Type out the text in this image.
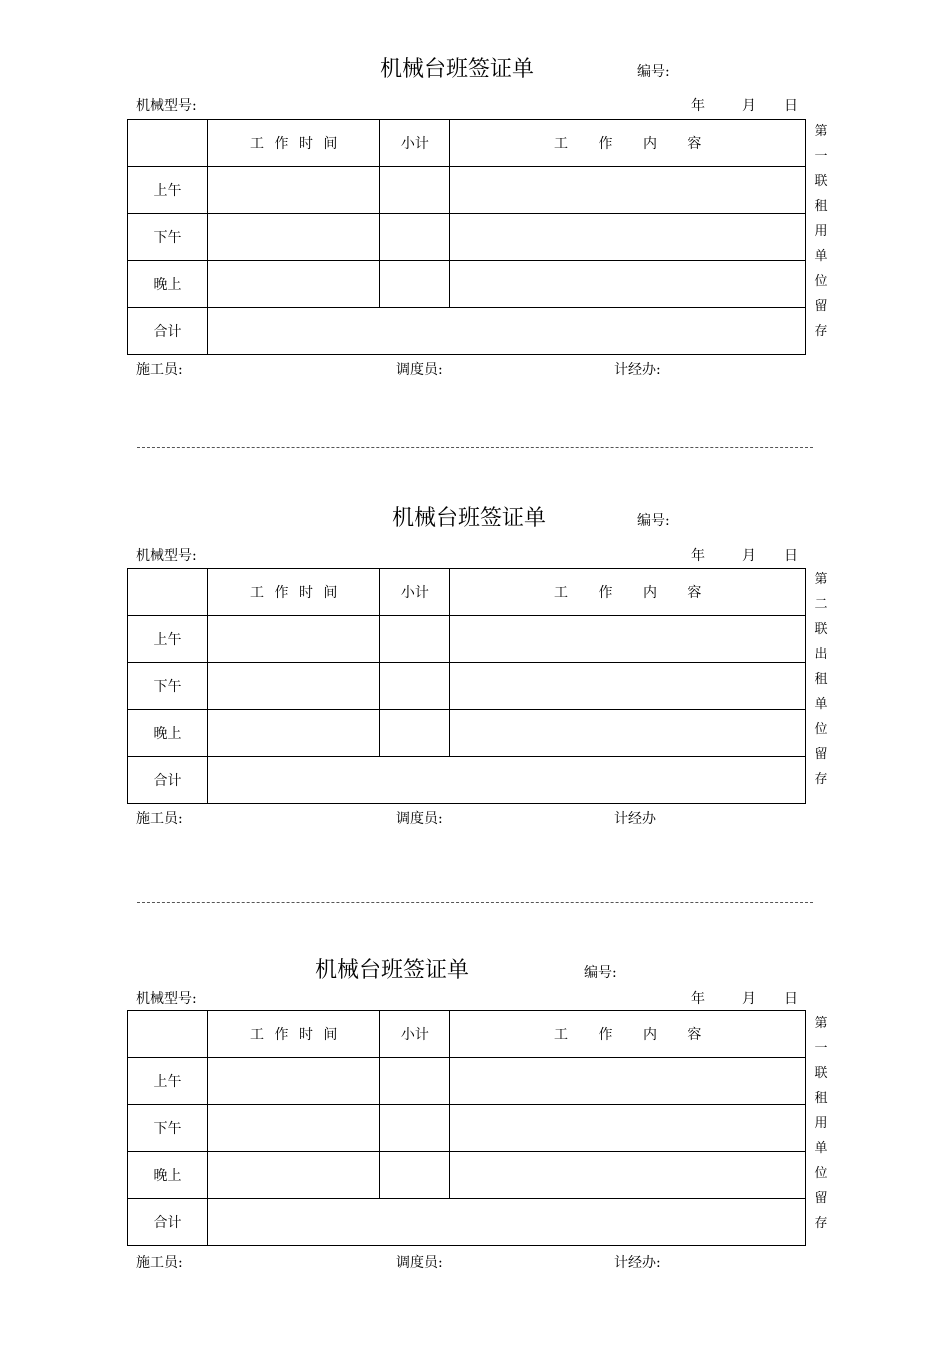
机械台班签证单	编号:
机械型号:	年	月 日
	工 作 时 间	小计	工 作 内 容
上午			
下午			
晚上			
合计			
施工员:	调度员:	计经办:
第
一
联
租
用
单
位
留
存
机械台班签证单	编号:
机械型号:	年	月 日
	工 作 时 间	小计	工 作 内 容
上午			
下午			
晚上			
合计			
施工员:	调度员:	计经办
第
二
联
出
租
单
位
留
存
机械台班签证单	编号:
机械型号:	年	月 日
	工 作 时 间	小计	工 作 内 容
上午			
下午			
晚上			
合计			
施工员:	调度员:	计经办:
第
一
联
租
用
单
位
留
存
